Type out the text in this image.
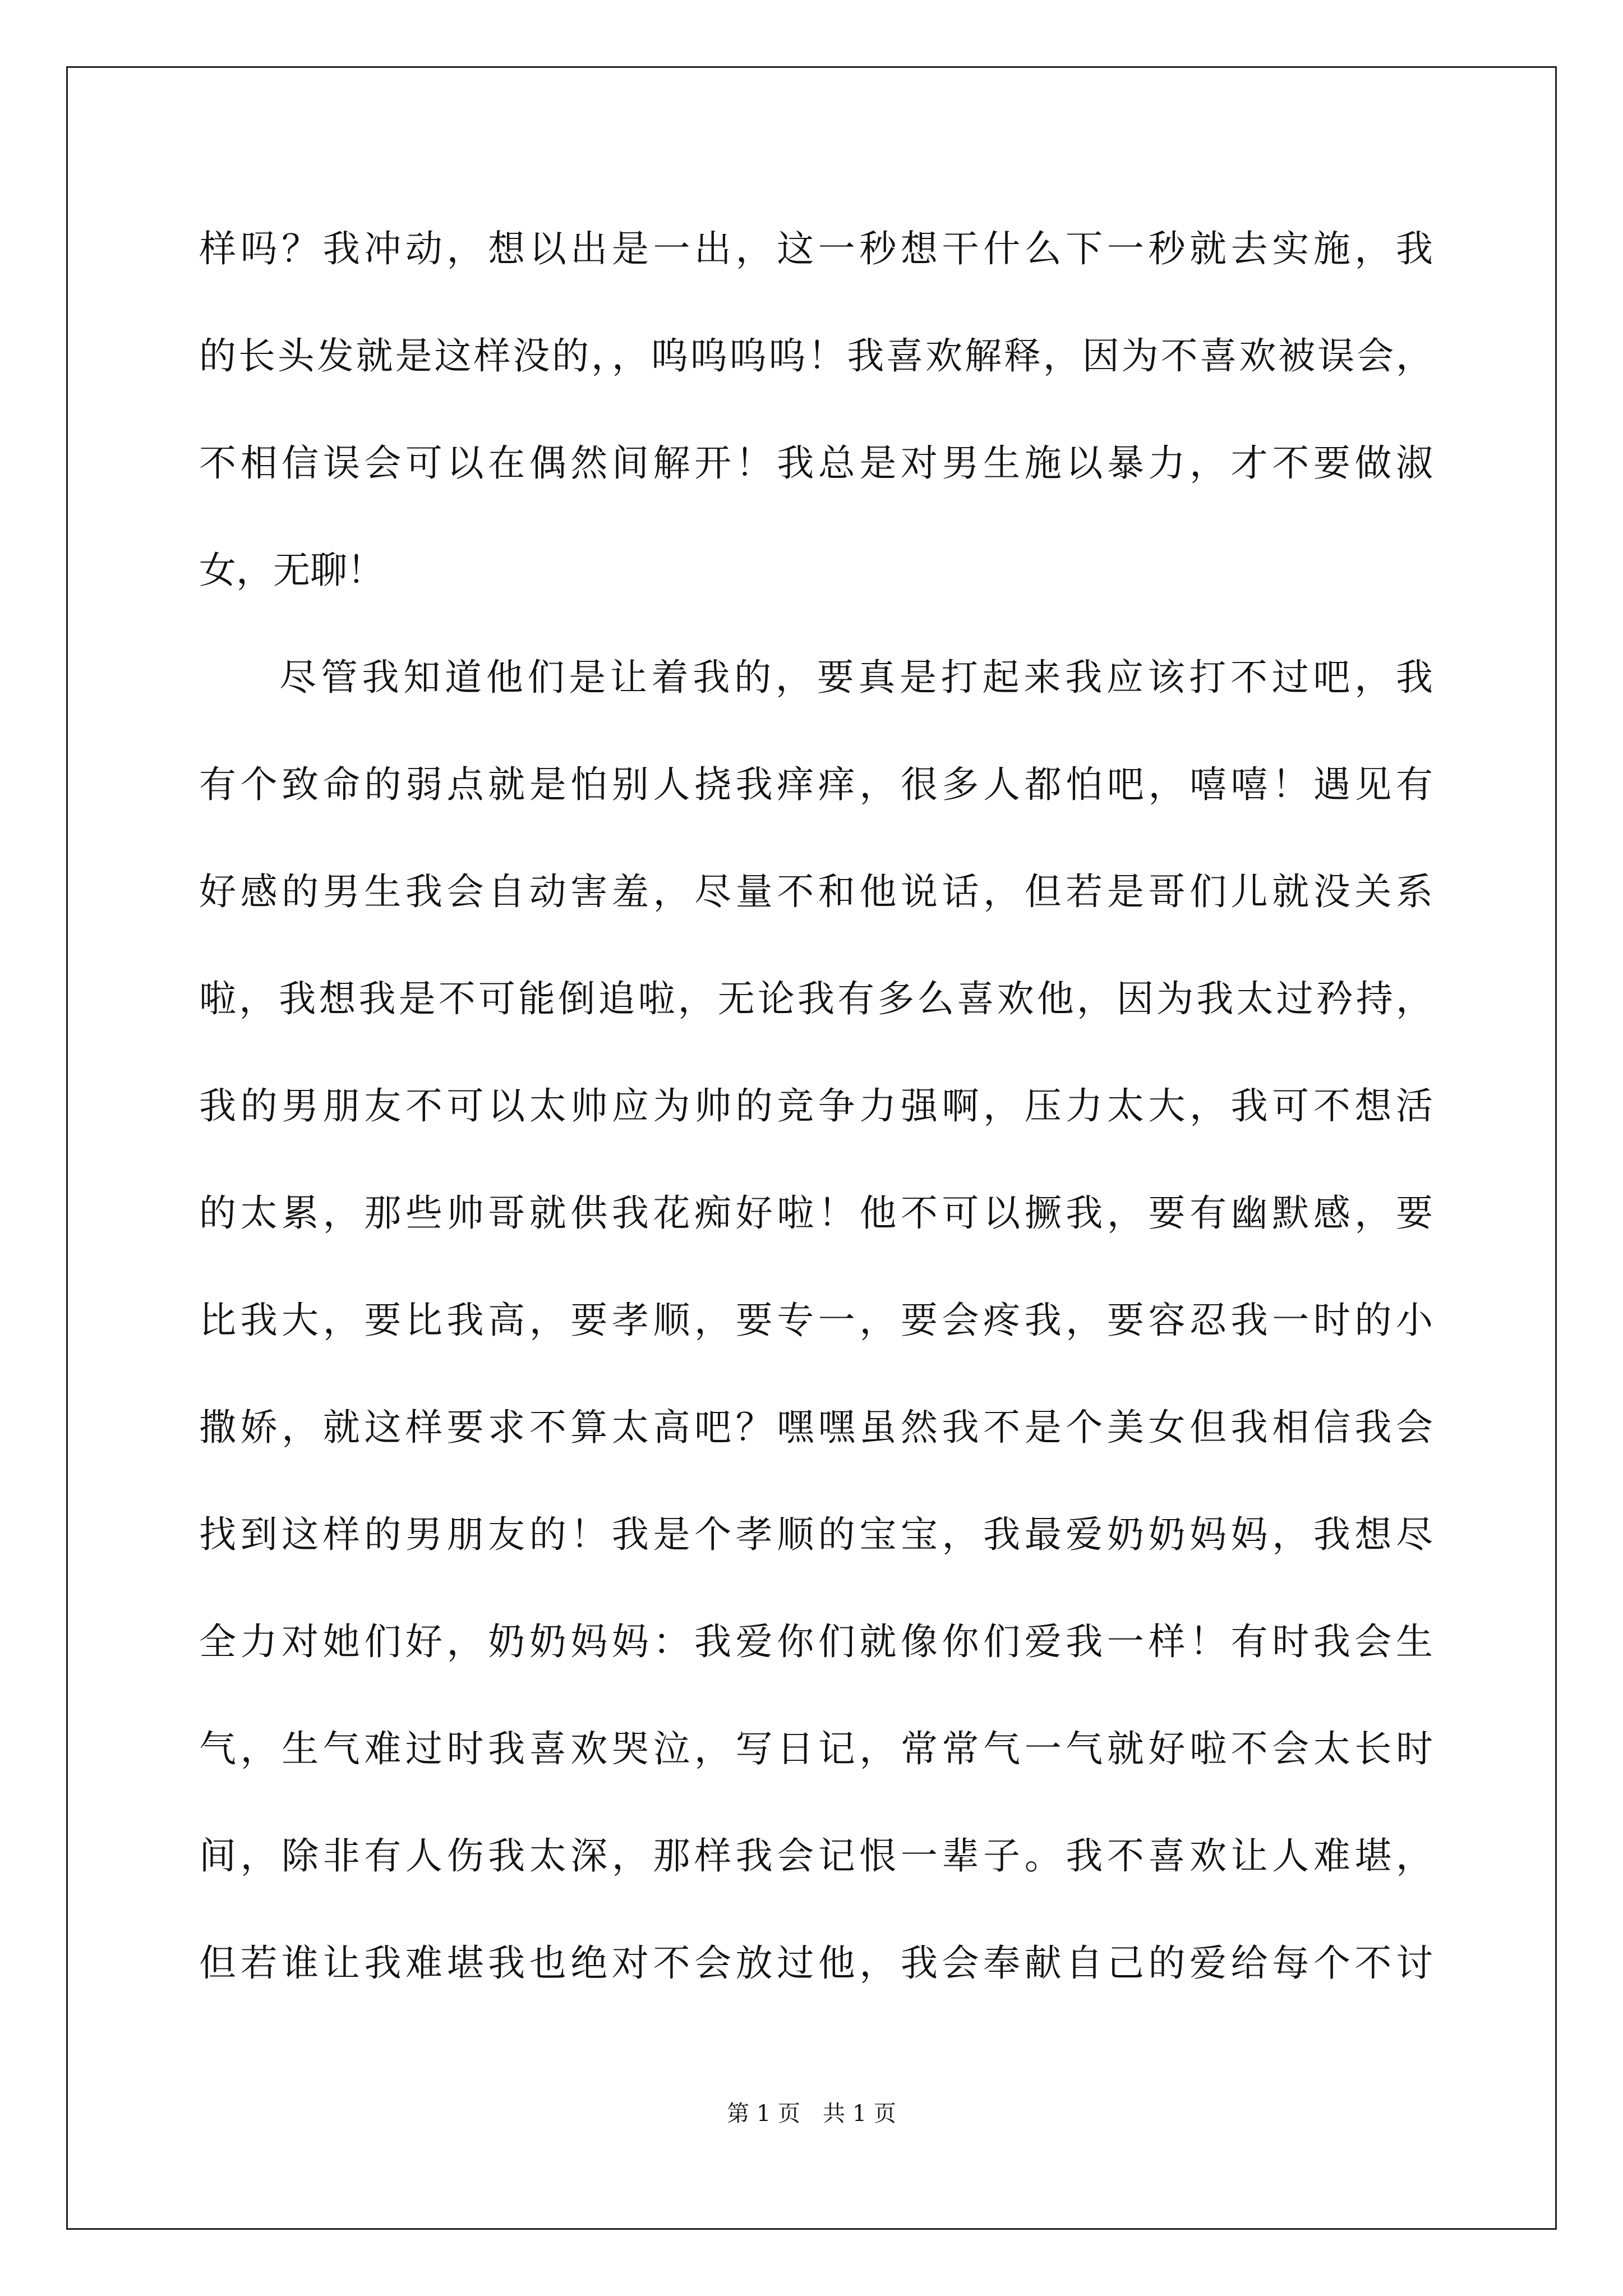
样吗？我冲动，想以出是一出，这一秒想干什么下一秒就去实施，我
的长头发就是这样没的，，呜呜呜呜！我喜欢解释，因为不喜欢被误会，
不相信误会可以在偶然间解开！我总是对男生施以暴力，才不要做淑
女，无聊！
尽管我知道他们是让着我的，要真是打起来我应该打不过吧，我
有个致命的弱点就是怕别人挠我痒痒，很多人都怕吧，嘻嘻！遇见有
好感的男生我会自动害羞，尽量不和他说话，但若是哥们儿就没关系
啦，我想我是不可能倒追啦，无论我有多么喜欢他，因为我太过矜持，
我的男朋友不可以太帅应为帅的竞争力强啊，压力太大，我可不想活
的太累，那些帅哥就供我花痴好啦！他不可以撅我，要有幽默感，要
比我大，要比我高，要孝顺，要专一，要会疼我，要容忍我一时的小
撒娇，就这样要求不算太高吧？嘿嘿虽然我不是个美女但我相信我会
找到这样的男朋友的！我是个孝顺的宝宝，我最爱奶奶妈妈，我想尽
全力对她们好，奶奶妈妈：我爱你们就像你们爱我一样！有时我会生
气，生气难过时我喜欢哭泣，写日记，常常气一气就好啦不会太长时
间，除非有人伤我太深，那样我会记恨一辈子。我不喜欢让人难堪，
但若谁让我难堪我也绝对不会放过他，我会奉献自己的爱给每个不讨
第 1 页 共 1 页
